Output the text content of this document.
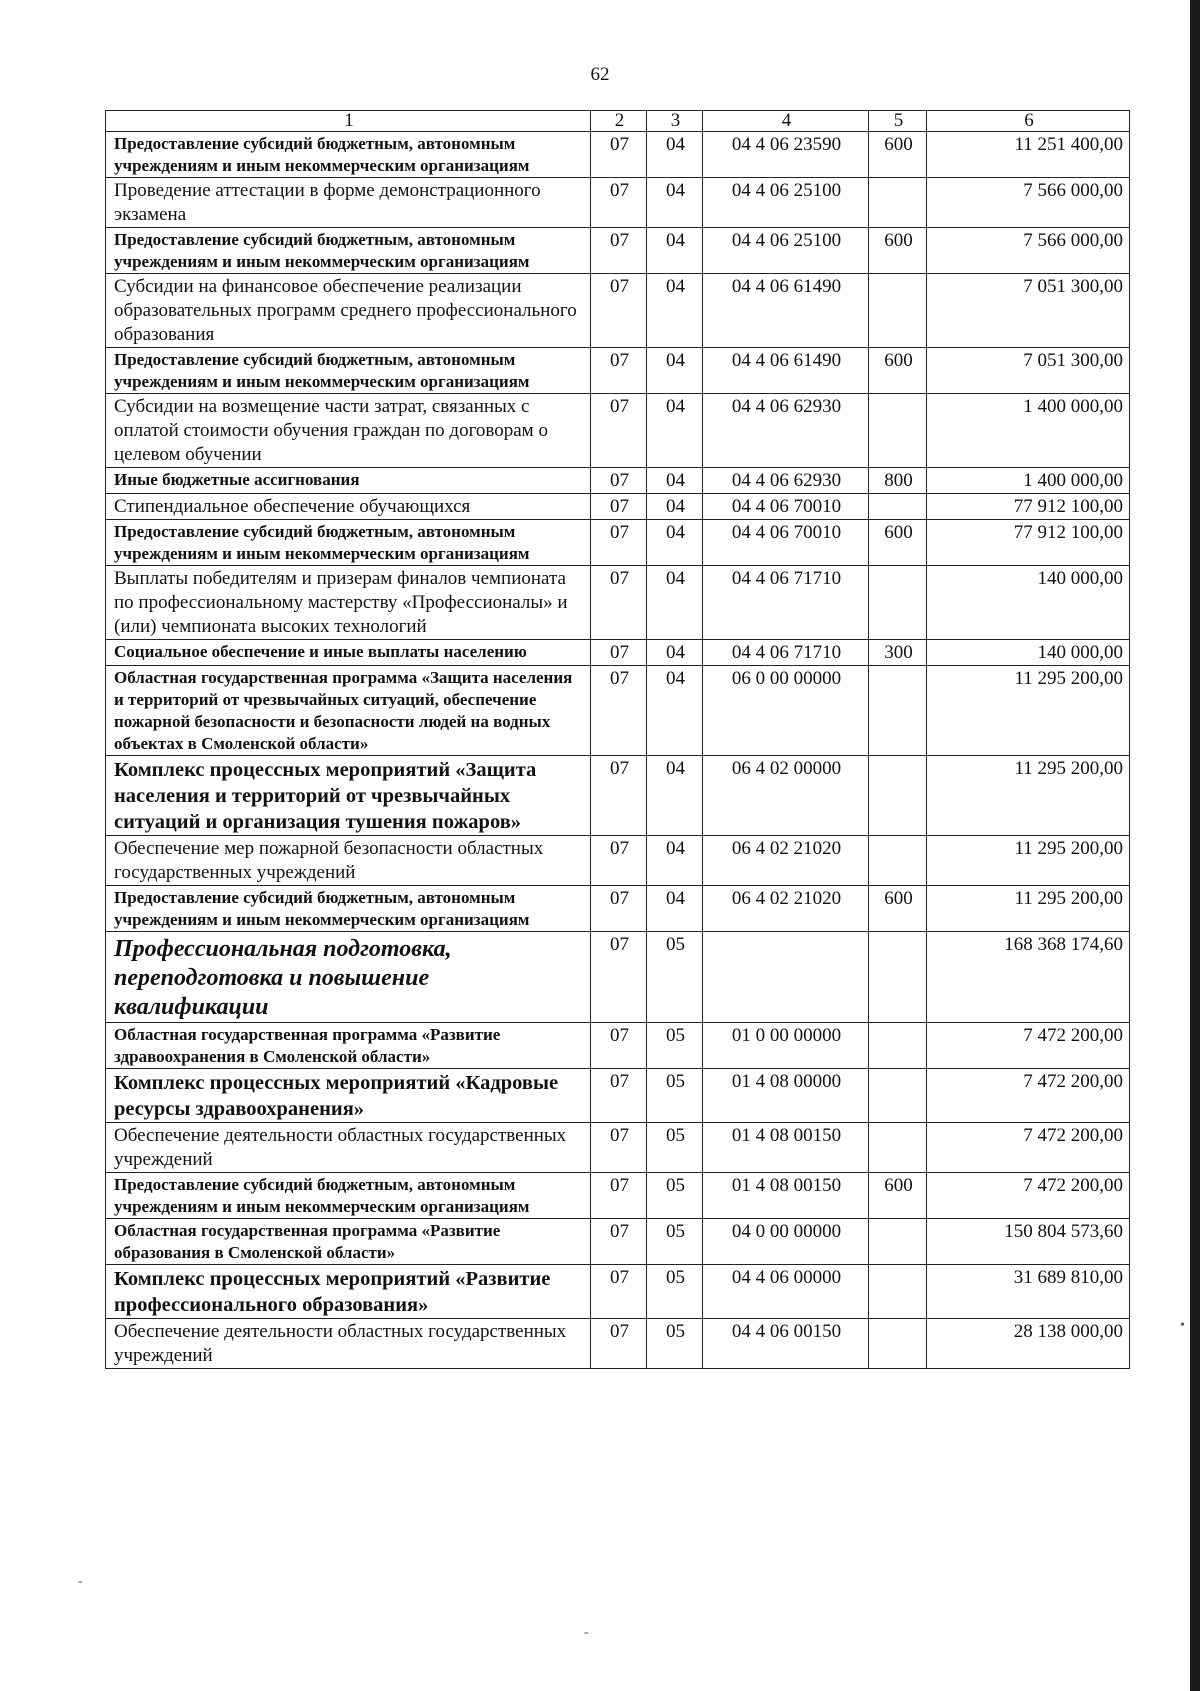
62
1	2	3	4	5	6
Предоставление субсидий бюджетным, автономным учреждениям и иным некоммерческим организациям	07	04	04 4 06 23590	600	11 251 400,00
Проведение аттестации в форме демонстрационного экзамена	07	04	04 4 06 25100		7 566 000,00
Предоставление субсидий бюджетным, автономным учреждениям и иным некоммерческим организациям	07	04	04 4 06 25100	600	7 566 000,00
Субсидии на финансовое обеспечение реализации образовательных программ среднего профессионального образования	07	04	04 4 06 61490		7 051 300,00
Предоставление субсидий бюджетным, автономным учреждениям и иным некоммерческим организациям	07	04	04 4 06 61490	600	7 051 300,00
Субсидии на возмещение части затрат, связанных с оплатой стоимости обучения граждан по договорам о целевом обучении	07	04	04 4 06 62930		1 400 000,00
Иные бюджетные ассигнования	07	04	04 4 06 62930	800	1 400 000,00
Стипендиальное обеспечение обучающихся	07	04	04 4 06 70010		77 912 100,00
Предоставление субсидий бюджетным, автономным учреждениям и иным некоммерческим организациям	07	04	04 4 06 70010	600	77 912 100,00
Выплаты победителям и призерам финалов чемпионата по профессиональному мастерству «Профессионалы» и (или) чемпионата высоких технологий	07	04	04 4 06 71710		140 000,00
Социальное обеспечение и иные выплаты населению	07	04	04 4 06 71710	300	140 000,00
Областная государственная программа «Защита населения и территорий от чрезвычайных ситуаций, обеспечение пожарной безопасности и безопасности людей на водных объектах в Смоленской области»	07	04	06 0 00 00000		11 295 200,00
Комплекс процессных мероприятий «Защита населения и территорий от чрезвычайных ситуаций и организация тушения пожаров»	07	04	06 4 02 00000		11 295 200,00
Обеспечение мер пожарной безопасности областных государственных учреждений	07	04	06 4 02 21020		11 295 200,00
Предоставление субсидий бюджетным, автономным учреждениям и иным некоммерческим организациям	07	04	06 4 02 21020	600	11 295 200,00
Профессиональная подготовка, переподготовка и повышение квалификации	07	05			168 368 174,60
Областная государственная программа «Развитие здравоохранения в Смоленской области»	07	05	01 0 00 00000		7 472 200,00
Комплекс процессных мероприятий «Кадровые ресурсы здравоохранения»	07	05	01 4 08 00000		7 472 200,00
Обеспечение деятельности областных государственных учреждений	07	05	01 4 08 00150		7 472 200,00
Предоставление субсидий бюджетным, автономным учреждениям и иным некоммерческим организациям	07	05	01 4 08 00150	600	7 472 200,00
Областная государственная программа «Развитие образования в Смоленской области»	07	05	04 0 00 00000		150 804 573,60
Комплекс процессных мероприятий «Развитие профессионального образования»	07	05	04 4 06 00000		31 689 810,00
Обеспечение деятельности областных государственных учреждений	07	05	04 4 06 00150		28 138 000,00	•
-
-
